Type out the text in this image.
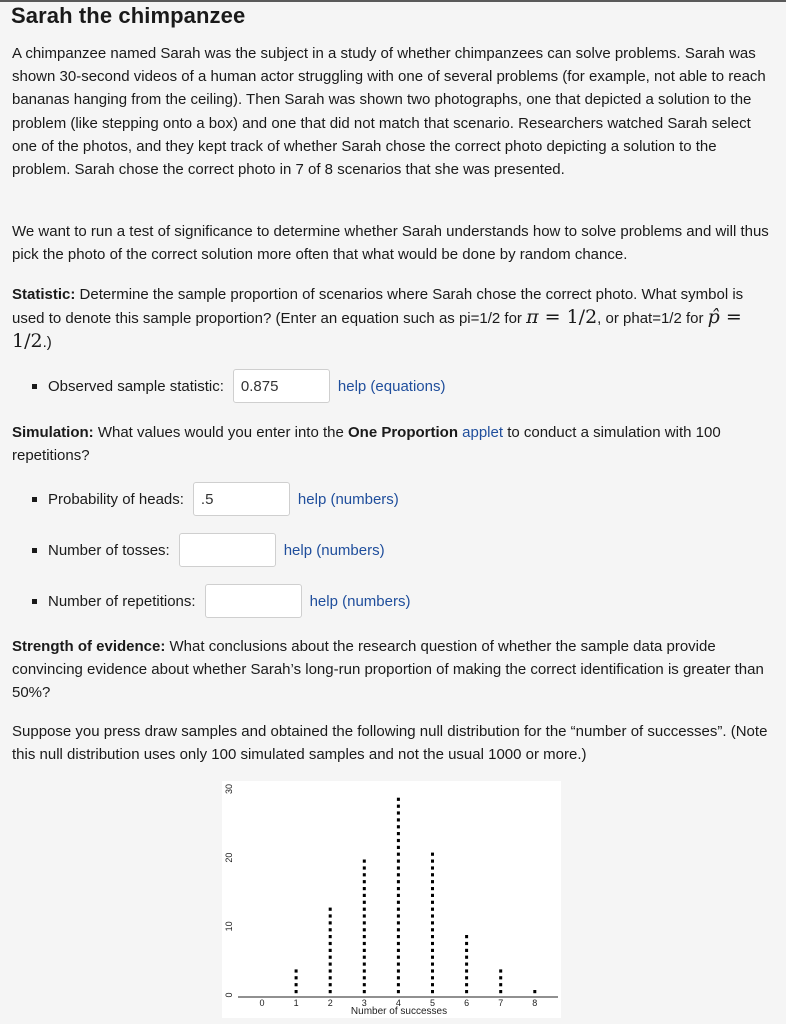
Sarah the chimpanzee

A chimpanzee named Sarah was the subject in a study of whether chimpanzees can solve problems. Sarah was shown 30-second videos of a human actor struggling with one of several problems (for example, not able to reach bananas hanging from the ceiling). Then Sarah was shown two photographs, one that depicted a solution to the problem (like stepping onto a box) and one that did not match that scenario. Researchers watched Sarah select one of the photos, and they kept track of whether Sarah chose the correct photo depicting a solution to the problem. Sarah chose the correct photo in 7 of 8 scenarios that she was presented.

We want to run a test of significance to determine whether Sarah understands how to solve problems and will thus pick the photo of the correct solution more often that what would be done by random chance.

Statistic: Determine the sample proportion of scenarios where Sarah chose the correct photo. What symbol is used to denote this sample proportion? (Enter an equation such as pi=1/2 for π = 1/2, or phat=1/2 for p̂ = 1/2.)

Observed sample statistic:
0.875	help (equations)

Simulation: What values would you enter into the One Proportion applet to conduct a simulation with 100 repetitions?

Probability of heads:
.5	help (numbers)
Number of tosses:	help (numbers)
Number of repetitions:	help (numbers)

Strength of evidence: What conclusions about the research question of whether the sample data provide convincing evidence about whether Sarah’s long-run proportion of making the correct identification is greater than 50%?

Suppose you press draw samples and obtained the following null distribution for the “number of successes”. (Note this null distribution uses only 100 simulated samples and not the usual 1000 or more.)

0	1	2	3	4	5	6	7	8
0
10
20
30
Number of successes
